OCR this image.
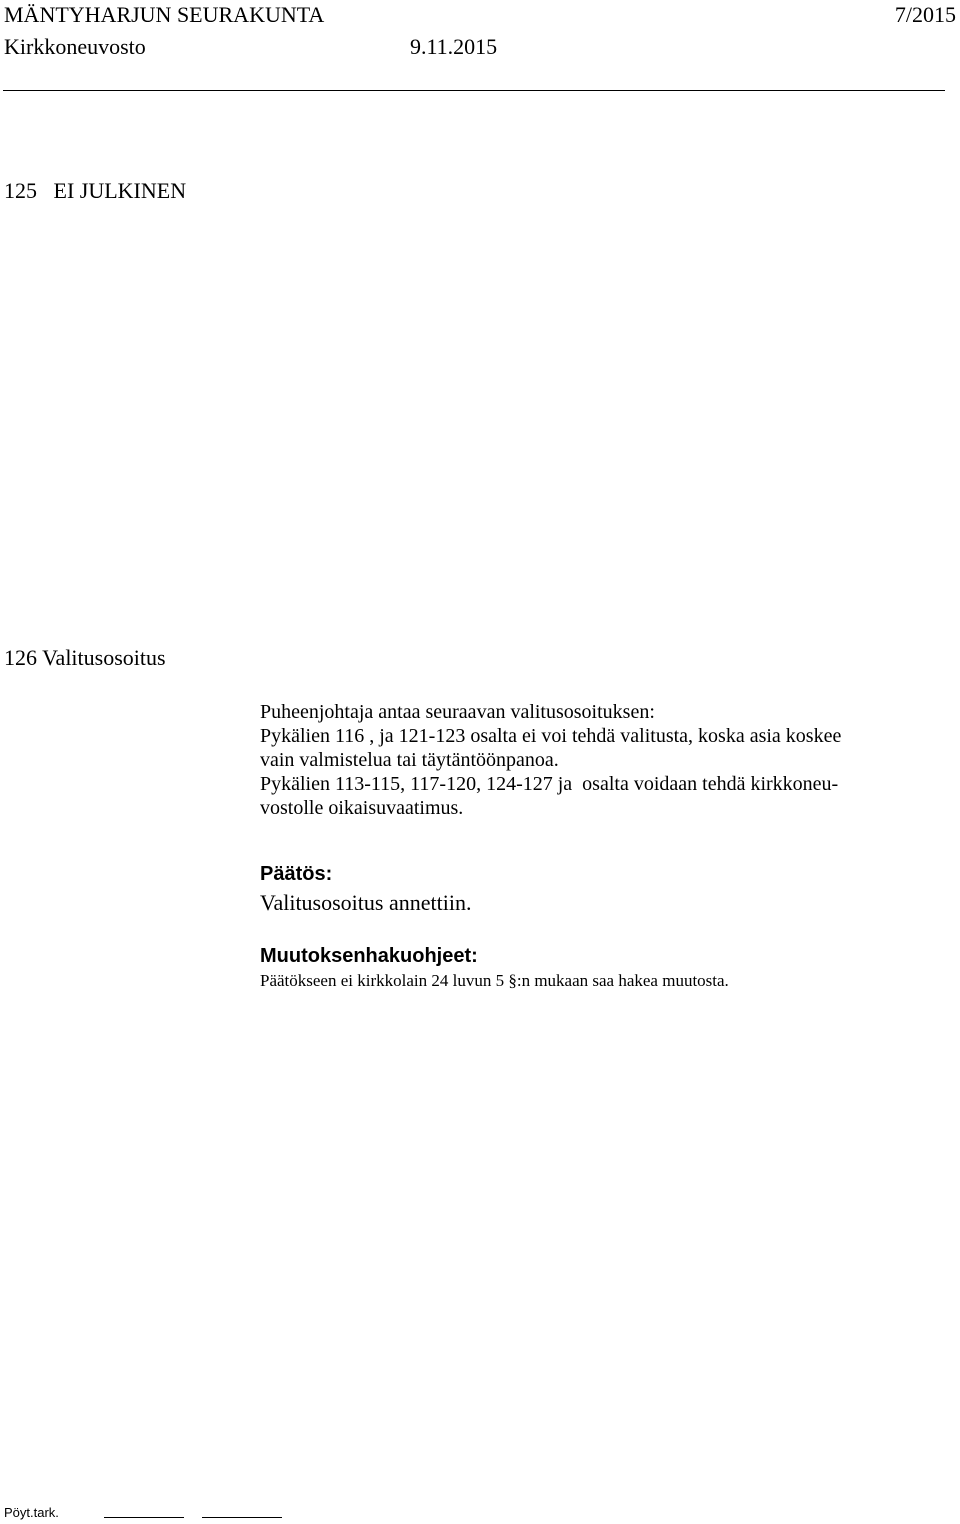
MÄNTYHARJUN SEURAKUNTA	7/2015
Kirkkoneuvosto	9.11.2015
125   EI JULKINEN
126 Valitusosoitus

Puheenjohtaja antaa seuraavan valitusosoituksen:

Pykälien 116 , ja 121-123 osalta ei voi tehdä valitusta, koska asia koskee

vain valmistelua tai täytäntöönpanoa.

Pykälien 113-115, 117-120, 124-127 ja  osalta voidaan tehdä kirkkoneu-

vostolle oikaisuvaatimus.

Päätös:
Valitusosoitus annettiin.
Muutoksenhakuohjeet:
Päätökseen ei kirkkolain 24 luvun 5 §:n mukaan saa hakea muutosta.
Pöyt.tark.
